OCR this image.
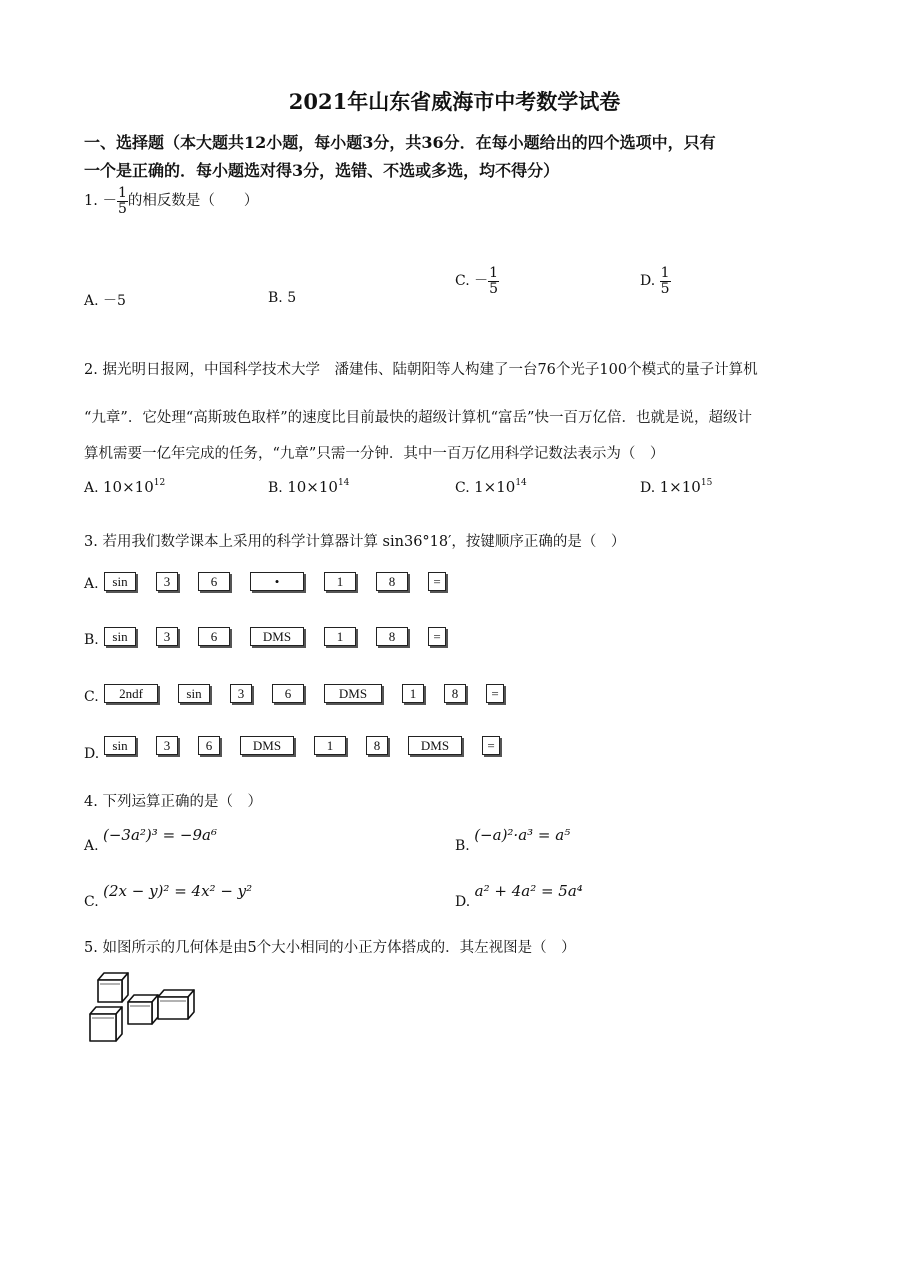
2021年山东省威海市中考数学试卷
一、选择题（本大题共12小题，每小题3分，共36分．在每小题给出的四个选项中，只有
一个是正确的．每小题选对得3分，选错、不选或多选，均不得分）
1. － $\frac{1}{5}$ 的相反数是（　　）
A. －5	B. 5
C. － $\frac{1}{5}$	D. $\frac{1}{5}$
2. 据光明日报网，中国科学技术大学　潘建伟、陆朝阳等人构建了一台76个光子100个模式的量子计算机
“九章”．它处理“高斯玻色取样”的速度比目前最快的超级计算机“富岳”快一百万亿倍．也就是说，超级计
算机需要一亿年完成的任务，“九章”只需一分钟．其中一百万亿用科学记数法表示为（　）
A. $10\times 10^{12}$	B. $10\times 10^{14}$	C. $1\times 10^{14}$	D. $1\times 10^{15}$
3. 若用我们数学课本上采用的科学计算器计算 sin36°18′，按键顺序正确的是（　）
A.	sin	3	6	•	1	8	=
B.	sin	3	6	DMS	1	8	=
C.	2ndf	sin	3	6	DMS	1	8	=
D.
sin	3	6	DMS	1	8	DMS	=
4. 下列运算正确的是（　）
A. (−3a²)³ = −9a⁶
B. (−a)²·a³ = a⁵
C. (2x − y)² = 4x² − y²
D. a² + 4a² = 5a⁴
5. 如图所示的几何体是由5个大小相同的小正方体搭成的．其左视图是（　）
